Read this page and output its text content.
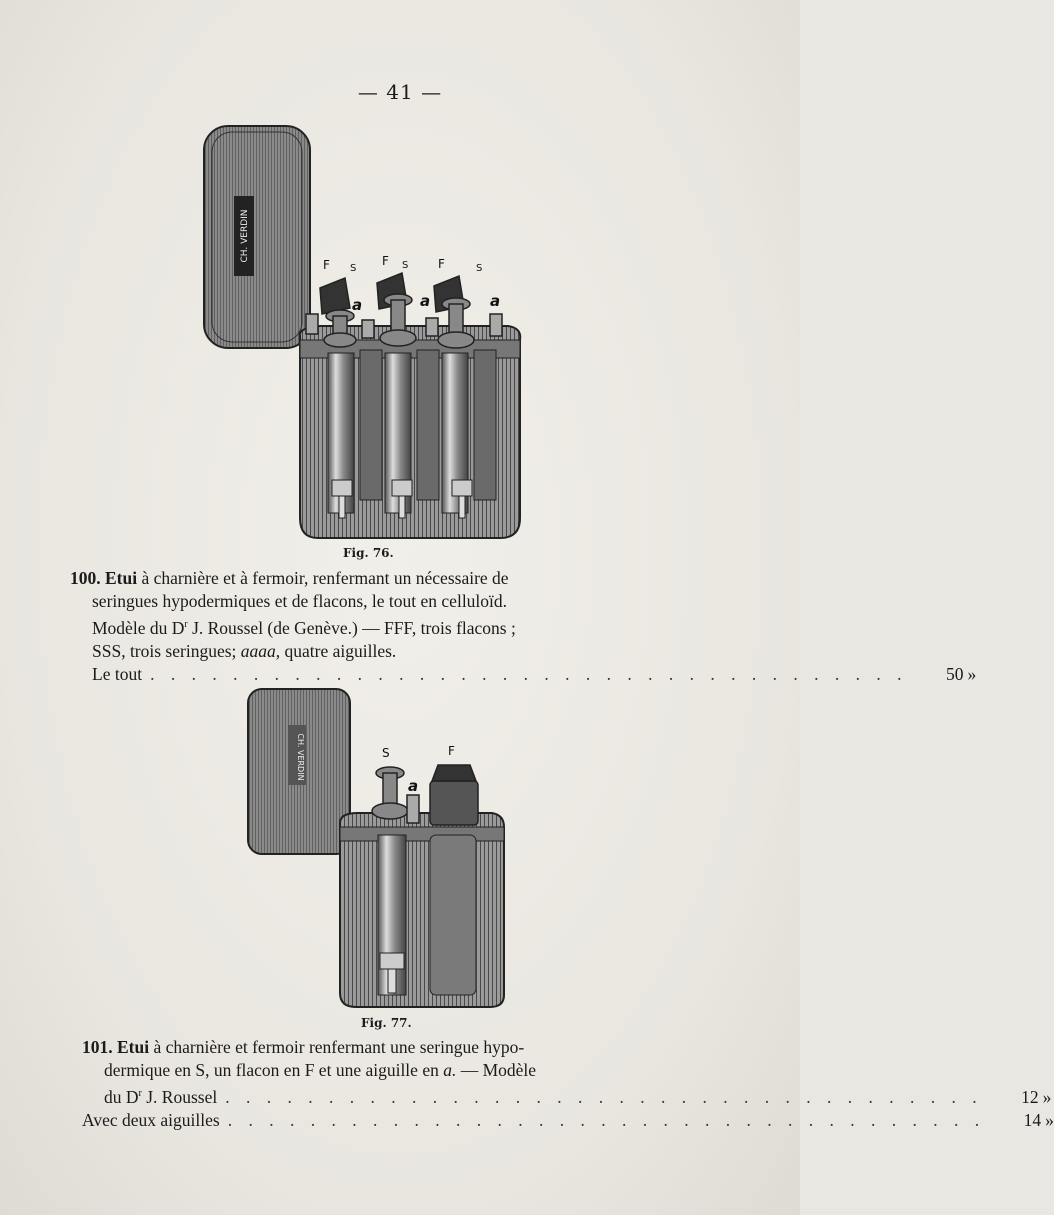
— 41 —
CH. VERDIN
F S
F S F	S
a	a	a
Fig. 76.
100. Etui à charnière et à fermoir, renfermant un nécessaire de
seringues hypodermiques et de flacons, le tout en celluloïd.
Modèle du $D^r$ J. Roussel (de Genève.) — FFF, trois flacons ;
SSS, trois seringues; aaaa, quatre aiguilles.
Le tout . . . . . . . . . . . . . . . . . . . . . . . . . . . . . . . . . . . . .	50 »
CH. VERDIN	S	F
a
Fig. 77.
101. Etui à charnière et fermoir renfermant une seringue hypo-
dermique en S, un flacon en F et une aiguille en a. — Modèle
du $D^r$ J. Roussel . . . . . . . . . . . . . . . . . . . . . . . . . . . . . . . . . . . . .	12 »
Avec deux aiguilles . . . . . . . . . . . . . . . . . . . . . . . . . . . . . . . . . . . . .	14 »
